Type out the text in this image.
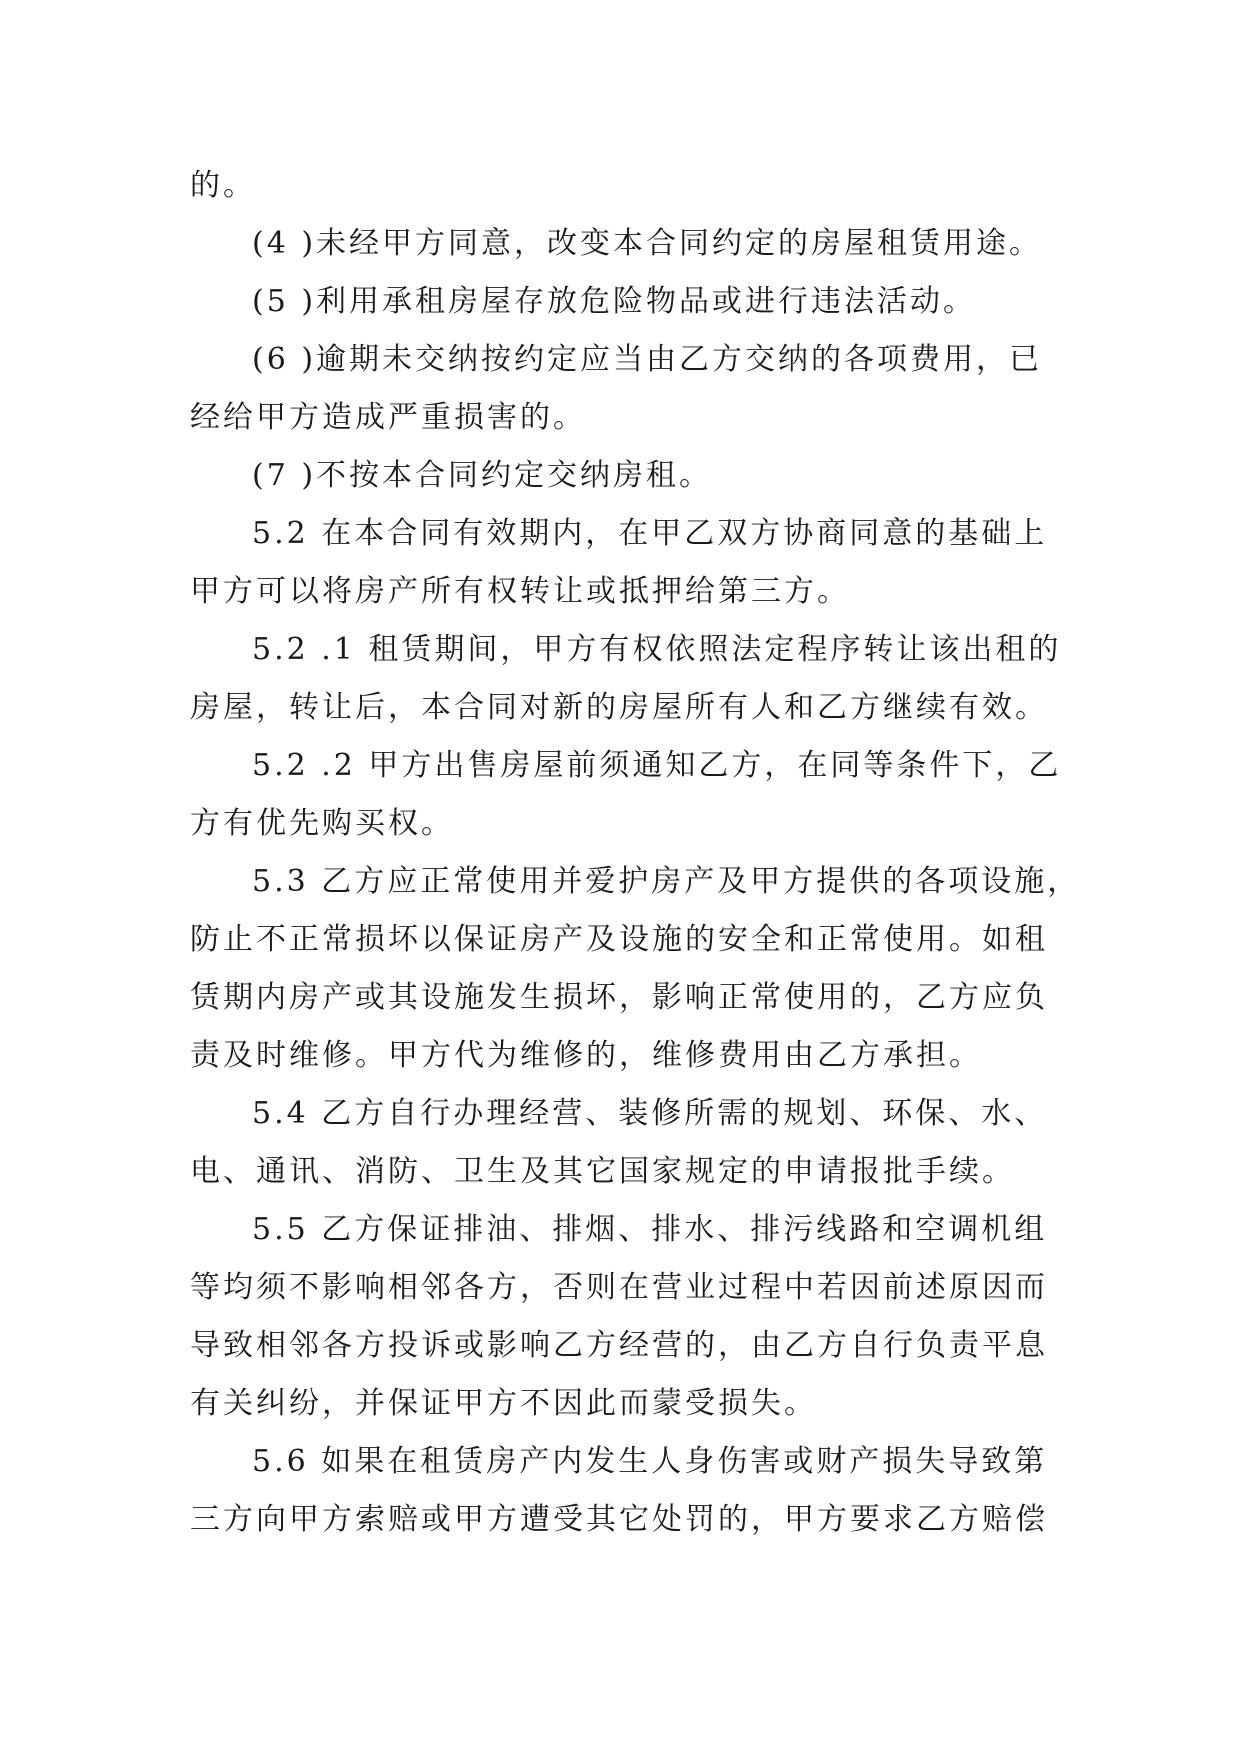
的。
(4 )未经甲方同意，改变本合同约定的房屋租赁用途。
(5 )利用承租房屋存放危险物品或进行违法活动。
(6 )逾期未交纳按约定应当由乙方交纳的各项费用，已
经给甲方造成严重损害的。
(7 )不按本合同约定交纳房租。
5.2 在本合同有效期内，在甲乙双方协商同意的基础上
甲方可以将房产所有权转让或抵押给第三方。
5.2 .1 租赁期间，甲方有权依照法定程序转让该出租的
房屋，转让后，本合同对新的房屋所有人和乙方继续有效。
5.2 .2 甲方出售房屋前须通知乙方，在同等条件下，乙
方有优先购买权。
5.3 乙方应正常使用并爱护房产及甲方提供的各项设施，
防止不正常损坏以保证房产及设施的安全和正常使用。如租
赁期内房产或其设施发生损坏，影响正常使用的，乙方应负
责及时维修。甲方代为维修的，维修费用由乙方承担。
5.4 乙方自行办理经营、装修所需的规划、环保、水、
电、通讯、消防、卫生及其它国家规定的申请报批手续。
5.5 乙方保证排油、排烟、排水、排污线路和空调机组
等均须不影响相邻各方，否则在营业过程中若因前述原因而
导致相邻各方投诉或影响乙方经营的，由乙方自行负责平息
有关纠纷，并保证甲方不因此而蒙受损失。
5.6 如果在租赁房产内发生人身伤害或财产损失导致第
三方向甲方索赔或甲方遭受其它处罚的，甲方要求乙方赔偿
